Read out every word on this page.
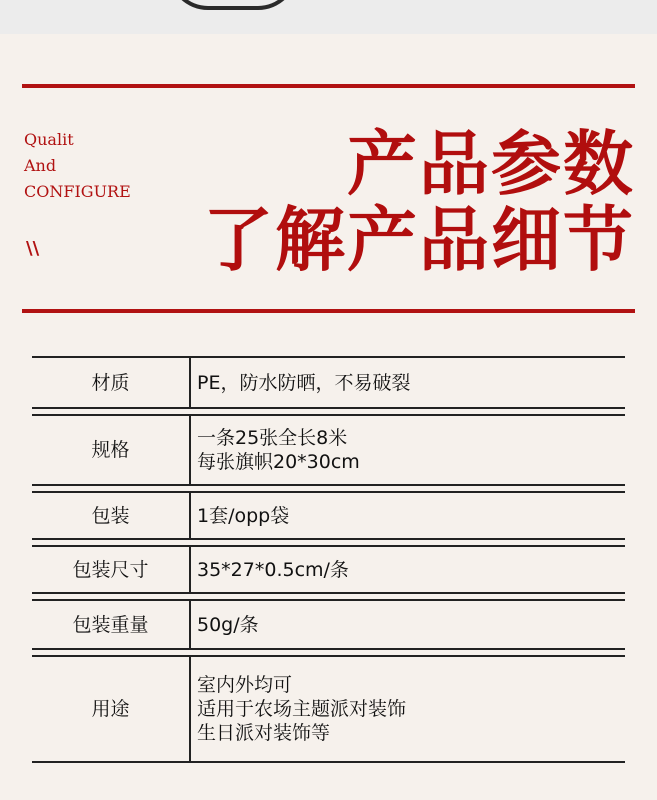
Qualit
And
CONFIGURE
\\
产品参数
了解产品细节
材质	PE，防水防晒，不易破裂

规格	一条25张全长8米
每张旗帜20*30cm

包装	1套/opp袋

包装尺寸	35*27*0.5cm/条

包装重量	50g/条

用途	室内外均可
适用于农场主题派对装饰
生日派对装饰等
